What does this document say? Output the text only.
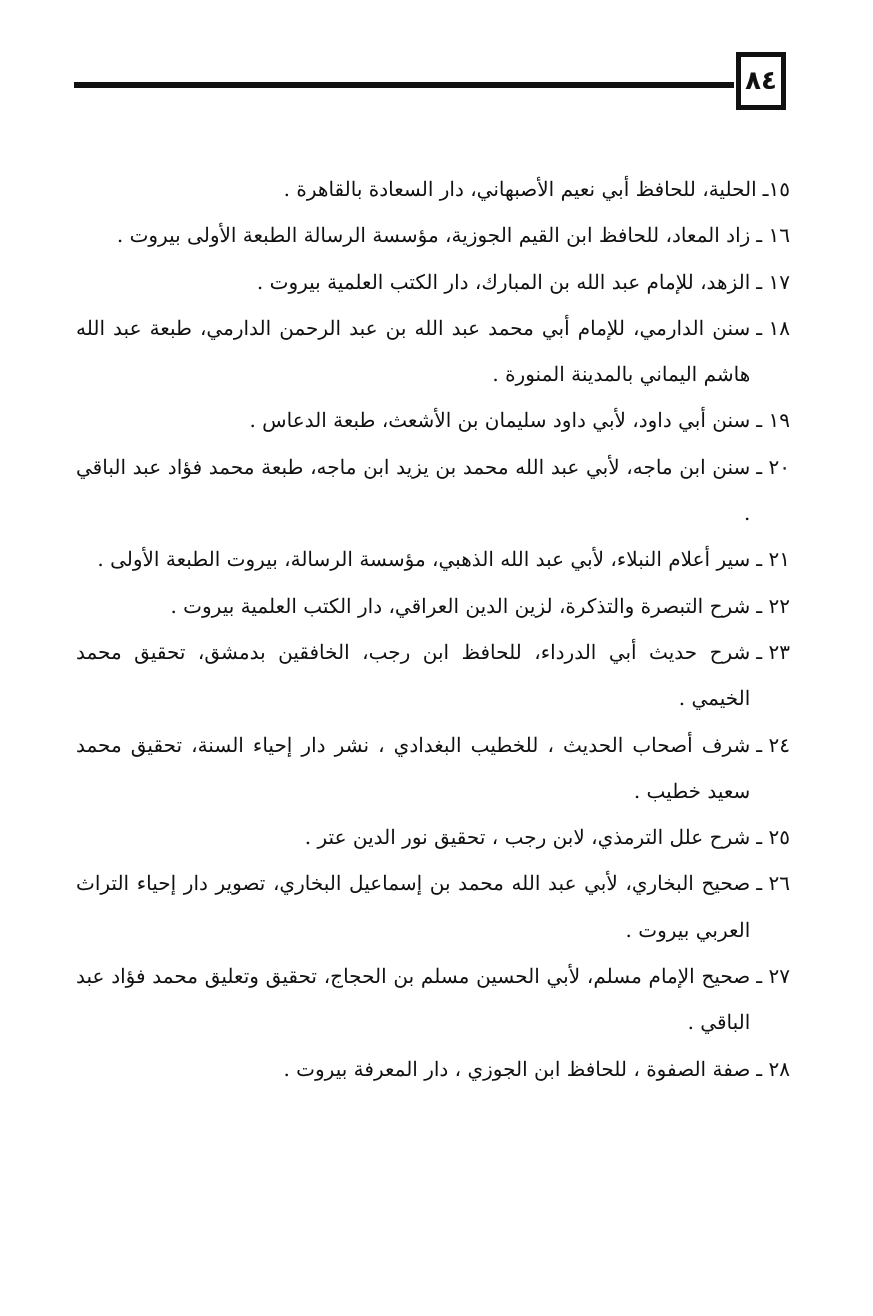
٨٤
١٥ـ
الحلية، للحافظ أبي نعيم الأصبهاني، دار السعادة بالقاهرة .
١٦ ـ
زاد المعاد، للحافظ ابن القيم الجوزية، مؤسسة الرسالة الطبعة الأولى بيروت .
١٧ ـ
الزهد، للإمام عبد الله بن المبارك، دار الكتب العلمية بيروت .
١٨ ـ
سنن الدارمي، للإمام أبي محمد عبد الله بن عبد الرحمن الدارمي، طبعة عبد الله هاشم اليماني بالمدينة المنورة .
١٩ ـ
سنن أبي داود، لأبي داود سليمان بن الأشعث، طبعة الدعاس .
٢٠ ـ
سنن ابن ماجه، لأبي عبد الله محمد بن يزيد ابن ماجه، طبعة محمد فؤاد عبد الباقي .
٢١ ـ
سير أعلام النبلاء، لأبي عبد الله الذهبي، مؤسسة الرسالة، بيروت الطبعة الأولى .
٢٢ ـ
شرح التبصرة والتذكرة، لزين الدين العراقي، دار الكتب العلمية بيروت .
٢٣ ـ
شرح حديث أبي الدرداء، للحافظ ابن رجب، الخافقين بدمشق، تحقيق محمد الخيمي .
٢٤ ـ
شرف أصحاب الحديث ، للخطيب البغدادي ، نشر دار إحياء السنة، تحقيق محمد سعيد خطيب .
٢٥ ـ
شرح علل الترمذي، لابن رجب ، تحقيق نور الدين عتر .
٢٦ ـ
صحيح البخاري، لأبي عبد الله محمد بن إسماعيل البخاري، تصوير دار إحياء التراث العربي بيروت .
٢٧ ـ
صحيح الإمام مسلم، لأبي الحسين مسلم بن الحجاج، تحقيق وتعليق محمد فؤاد عبد الباقي .
٢٨ ـ
صفة الصفوة ، للحافظ ابن الجوزي ، دار المعرفة بيروت .
